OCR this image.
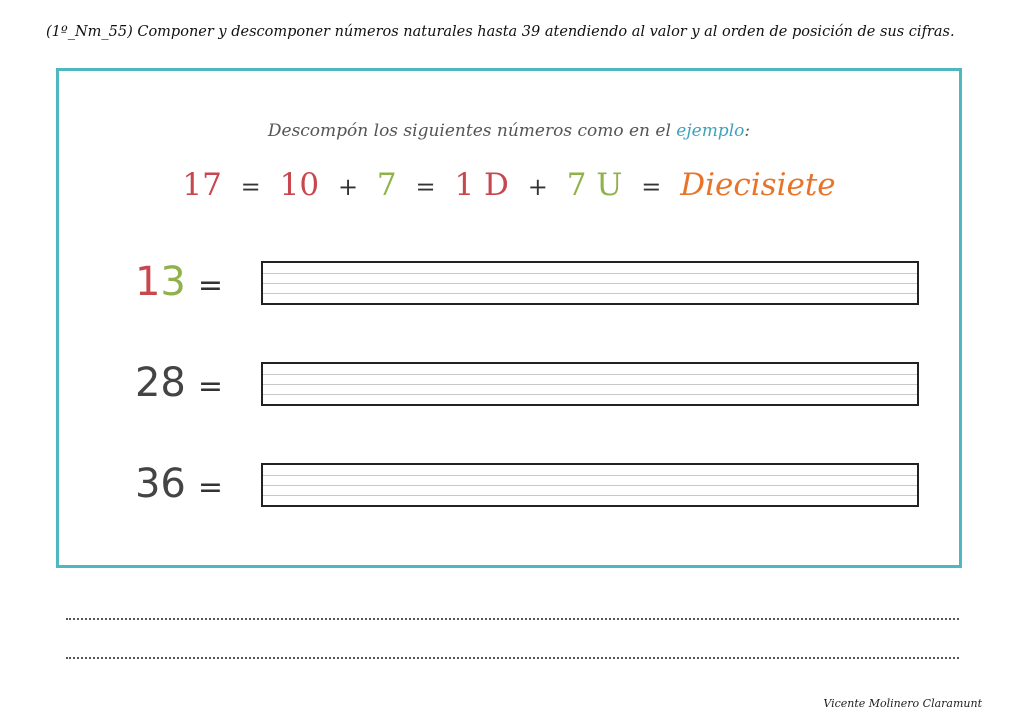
(1º_Nm_55) Componer y descomponer números naturales hasta 39 atendiendo al valor y al orden de posición de sus cifras.
Descompón los siguientes números como en el ejemplo:
17 = 10 + 7 = 1 D + 7 U = Diecisiete
13 =
28 =
36 =
Vicente Molinero Claramunt
